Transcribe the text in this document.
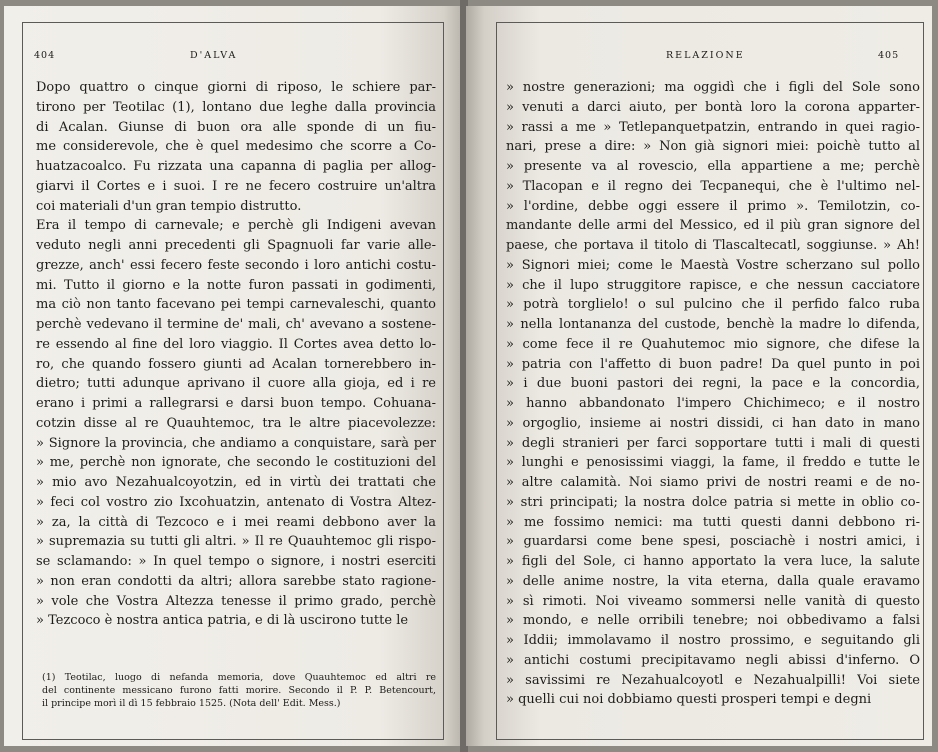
404	D'ALVA
Dopo quattro o cinque giorni di riposo, le schiere par-
tirono per Teotilac (1), lontano due leghe dalla provincia
di Acalan. Giunse di buon ora alle sponde di un fiu-
me considerevole, che è quel medesimo che scorre a Co-
huatzacoalco. Fu rizzata una capanna di paglia per allog-
giarvi il Cortes e i suoi. I re ne fecero costruire un'altra
coi materiali d'un gran tempio distrutto.
Era il tempo di carnevale; e perchè gli Indigeni avevan
veduto negli anni precedenti gli Spagnuoli far varie alle-
grezze, anch' essi fecero feste secondo i loro antichi costu-
mi. Tutto il giorno e la notte furon passati in godimenti,
ma ciò non tanto facevano pei tempi carnevaleschi, quanto
perchè vedevano il termine de' mali, ch' avevano a sostene-
re essendo al fine del loro viaggio. Il Cortes avea detto lo-
ro, che quando fossero giunti ad Acalan tornerebbero in-
dietro; tutti adunque aprivano il cuore alla gioja, ed i re
erano i primi a rallegrarsi e darsi buon tempo. Cohuana-
cotzin disse al re Quauhtemoc, tra le altre piacevolezze:
» Signore la provincia, che andiamo a conquistare, sarà per
» me, perchè non ignorate, che secondo le costituzioni del
» mio avo Nezahualcoyotzin, ed in virtù dei trattati che
» feci col vostro zio Ixcohuatzin, antenato di Vostra Altez-
» za, la città di Tezcoco e i mei reami debbono aver la
» supremazia su tutti gli altri. » Il re Quauhtemoc gli rispo-
se sclamando: » In quel tempo o signore, i nostri eserciti
» non eran condotti da altri; allora sarebbe stato ragione-
» vole che Vostra Altezza tenesse il primo grado, perchè
» Tezcoco è nostra antica patria, e di là uscirono tutte le
(1) Teotilac, luogo di nefanda memoria, dove Quauhtemoc ed altri re
del continente messicano furono fatti morire. Secondo il P. P. Betencourt,
il principe morì il dì 15 febbraio 1525. (Nota dell' Edit. Mess.)
RELAZIONE	405
» nostre generazioni; ma oggidì che i figli del Sole sono
» venuti a darci aiuto, per bontà loro la corona apparter-
» rassi a me » Tetlepanquetpatzin, entrando in quei ragio-
nari, prese a dire: » Non già signori miei: poichè tutto al
» presente va al rovescio, ella appartiene a me; perchè
» Tlacopan e il regno dei Tecpanequi, che è l'ultimo nel-
» l'ordine, debbe oggi essere il primo ». Temilotzin, co-
mandante delle armi del Messico, ed il più gran signore del
paese, che portava il titolo di Tlascaltecatl, soggiunse. » Ah!
» Signori miei; come le Maestà Vostre scherzano sul pollo
» che il lupo struggitore rapisce, e che nessun cacciatore
» potrà torglielo! o sul pulcino che il perfido falco ruba
» nella lontananza del custode, benchè la madre lo difenda,
» come fece il re Quahutemoc mio signore, che difese la
» patria con l'affetto di buon padre! Da quel punto in poi
» i due buoni pastori dei regni, la pace e la concordia,
» hanno abbandonato l'impero Chichimeco; e il nostro
» orgoglio, insieme ai nostri dissidi, ci han dato in mano
» degli stranieri per farci sopportare tutti i mali di questi
» lunghi e penosissimi viaggi, la fame, il freddo e tutte le
» altre calamità. Noi siamo privi de nostri reami e de no-
» stri principati; la nostra dolce patria si mette in oblio co-
» me fossimo nemici: ma tutti questi danni debbono ri-
» guardarsi come bene spesi, posciachè i nostri amici, i
» figli del Sole, ci hanno apportato la vera luce, la salute
» delle anime nostre, la vita eterna, dalla quale eravamo
» sì rimoti. Noi viveamo sommersi nelle vanità di questo
» mondo, e nelle orribili tenebre; noi obbedivamo a falsi
» Iddii; immolavamo il nostro prossimo, e seguitando gli
» antichi costumi precipitavamo negli abissi d'inferno. O
» savissimi re Nezahualcoyotl e Nezahualpilli! Voi siete
» quelli cui noi dobbiamo questi prosperi tempi e degni
